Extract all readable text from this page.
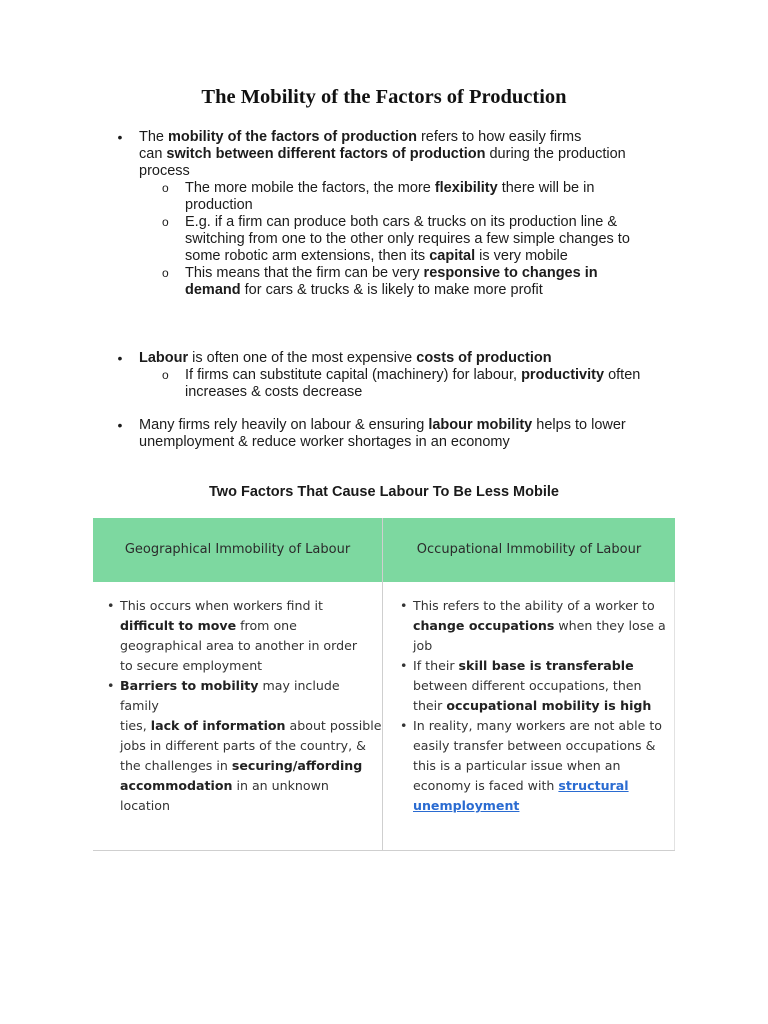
The Mobility of the Factors of Production
• The mobility of the factors of production refers to how easily firms
can switch between different factors of production during the production
process
o The more mobile the factors, the more flexibility there will be in
production
o E.g. if a firm can produce both cars & trucks on its production line &
switching from one to the other only requires a few simple changes to
some robotic arm extensions, then its capital is very mobile
o This means that the firm can be very responsive to changes in
demand for cars & trucks & is likely to make more profit
• Labour is often one of the most expensive costs of production
o If firms can substitute capital (machinery) for labour, productivity often
increases & costs decrease
• Many firms rely heavily on labour & ensuring labour mobility helps to lower
unemployment & reduce worker shortages in an economy
Two Factors That Cause Labour To Be Less Mobile
Geographical Immobility of Labour	Occupational Immobility of Labour
• This occurs when workers find it
difficult to move from one
geographical area to another in order
to secure employment
• Barriers to mobility may include family
ties, lack of information about possible
jobs in different parts of the country, &
the challenges in securing/affording
accommodation in an unknown
location
• This refers to the ability of a worker to
change occupations when they lose a
job
• If their skill base is transferable
between different occupations, then
their occupational mobility is high
• In reality, many workers are not able to
easily transfer between occupations &
this is a particular issue when an
economy is faced with structural
unemployment
